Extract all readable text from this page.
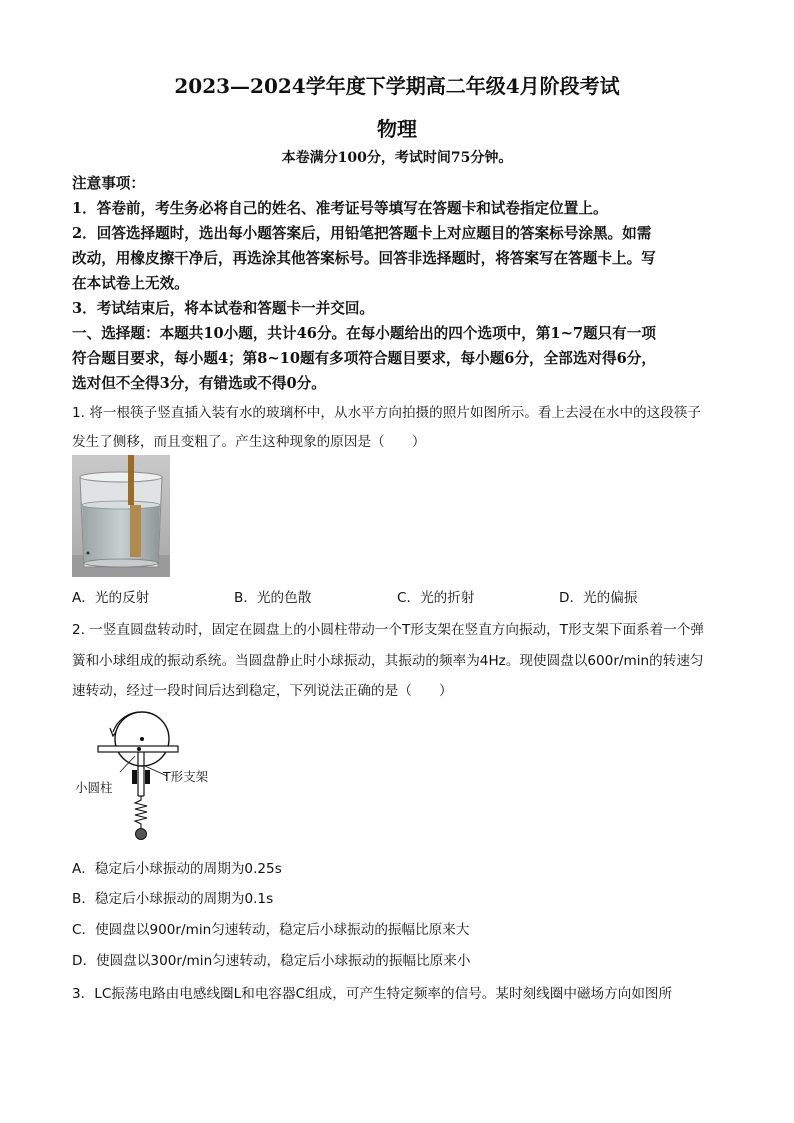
2023—2024学年度下学期高二年级4月阶段考试
物理
本卷满分100分，考试时间75分钟。
注意事项：
1．答卷前，考生务必将自己的姓名、准考证号等填写在答题卡和试卷指定位置上。
2．回答选择题时，选出每小题答案后，用铅笔把答题卡上对应题目的答案标号涂黑。如需
改动，用橡皮擦干净后，再选涂其他答案标号。回答非选择题时，将答案写在答题卡上。写
在本试卷上无效。
3．考试结束后，将本试卷和答题卡一并交回。
一、选择题：本题共10小题，共计46分。在每小题给出的四个选项中，第1~7题只有一项
符合题目要求，每小题4；第8~10题有多项符合题目要求，每小题6分，全部选对得6分，
选对但不全得3分，有错选或不得0分。
1. 将一根筷子竖直插入装有水的玻璃杯中，从水平方向拍摄的照片如图所示。看上去浸在水中的这段筷子
发生了侧移，而且变粗了。产生这种现象的原因是（　　）
A．光的反射	B．光的色散	C．光的折射	D．光的偏振
2. 一竖直圆盘转动时，固定在圆盘上的小圆柱带动一个T形支架在竖直方向振动，T形支架下面系着一个弹
簧和小球组成的振动系统。当圆盘静止时小球振动，其振动的频率为4Hz。现使圆盘以600r/min的转速匀
速转动，经过一段时间后达到稳定，下列说法正确的是（　　）
小圆柱
T形支架
A．稳定后小球振动的周期为0.25s
B．稳定后小球振动的周期为0.1s
C．使圆盘以900r/min匀速转动，稳定后小球振动的振幅比原来大
D．使圆盘以300r/min匀速转动，稳定后小球振动的振幅比原来小
3．LC振荡电路由电感线圈L和电容器C组成，可产生特定频率的信号。某时刻线圈中磁场方向如图所
